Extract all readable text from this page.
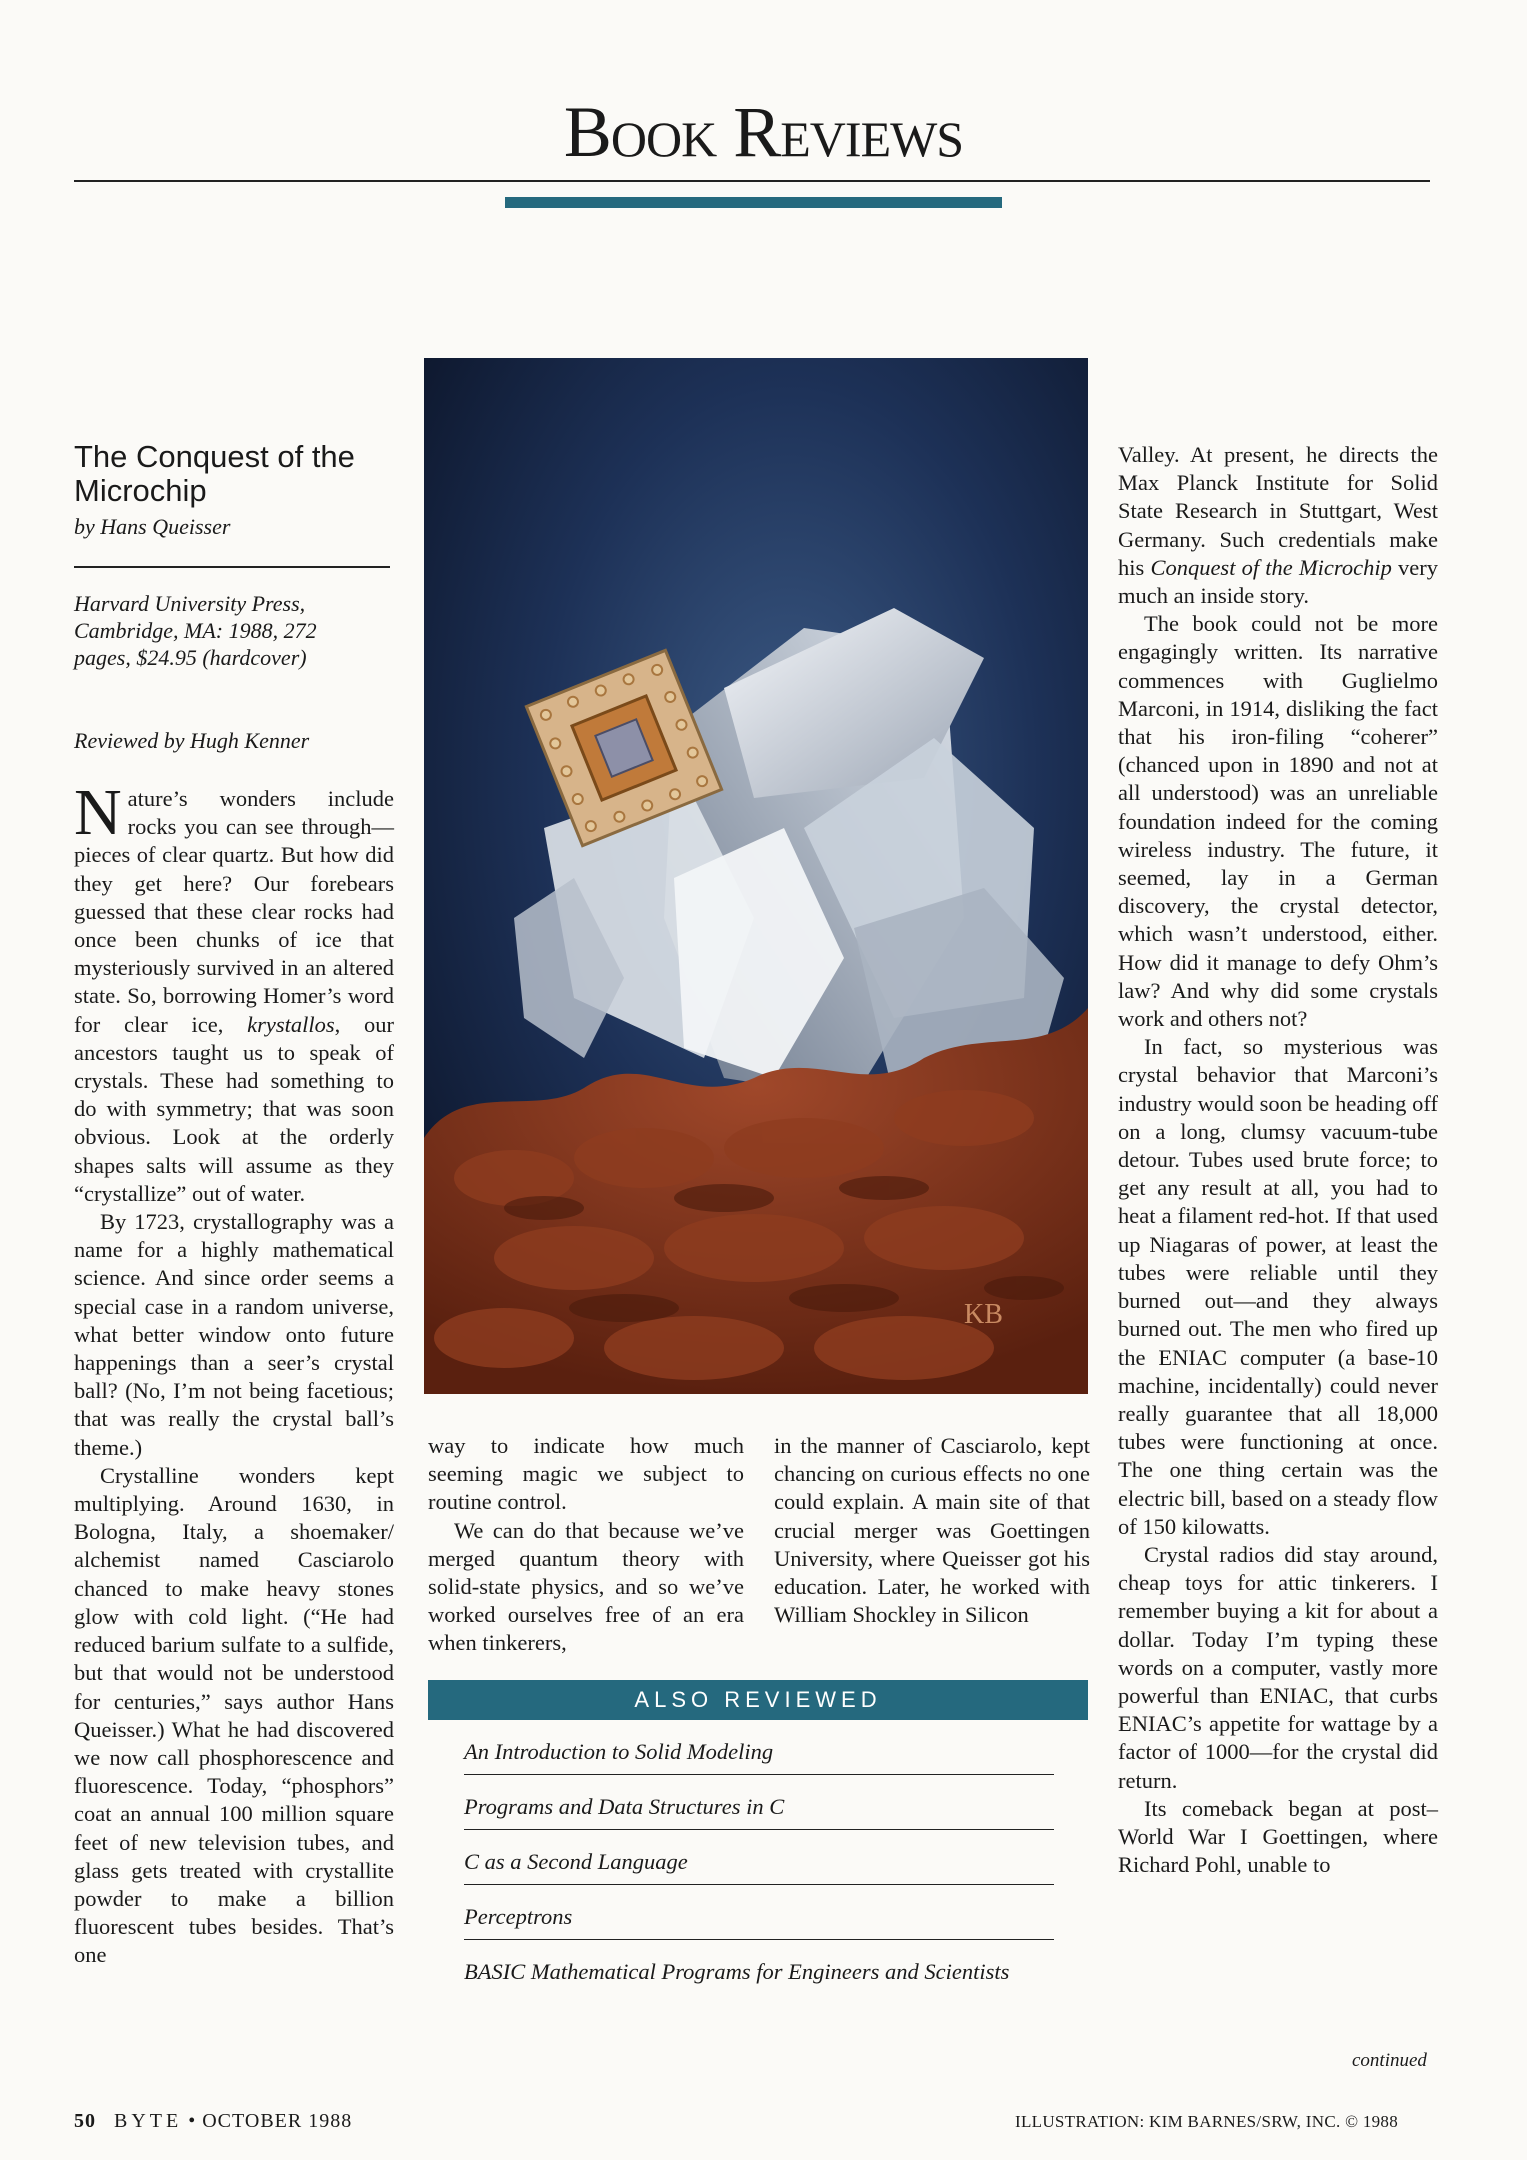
Book Reviews
The Conquest of the Microchip
by Hans Queisser
Harvard University Press, Cambridge, MA: 1988, 272 pages, $24.95 (hardcover)
Reviewed by Hugh Kenner

Nature’s wonders include rocks you can see through—pieces of clear quartz. But how did they get here? Our forebears guessed that these clear rocks had once been chunks of ice that mysteriously survived in an altered state. So, borrowing Homer’s word for clear ice, krystallos, our ancestors taught us to speak of crystals. These had something to do with symmetry; that was soon obvious. Look at the orderly shapes salts will assume as they “crystallize” out of water.

By 1723, crystallography was a name for a highly mathematical science. And since order seems a special case in a random universe, what better window onto future happenings than a seer’s crystal ball? (No, I’m not being facetious; that was really the crystal ball’s theme.)

Crystalline wonders kept multiplying. Around 1630, in Bologna, Italy, a shoemaker/ alchemist named Casciarolo chanced to make heavy stones glow with cold light. (“He had reduced barium sulfate to a sulfide, but that would not be understood for centuries,” says author Hans Queisser.) What he had discovered we now call phosphorescence and fluorescence. Today, “phosphors” coat an annual 100 million square feet of new television tubes, and glass gets treated with crystallite powder to make a billion fluorescent tubes besides. That’s one

KB

way to indicate how much seeming magic we subject to routine control.

We can do that because we’ve merged quantum theory with solid-state physics, and so we’ve worked ourselves free of an era when tinkerers,

in the manner of Casciarolo, kept chancing on curious effects no one could explain. A main site of that crucial merger was Goettingen University, where Queisser got his education. Later, he worked with William Shockley in Silicon

ALSO REVIEWED
An Introduction to Solid Modeling
Programs and Data Structures in C
C as a Second Language
Perceptrons
BASIC Mathematical Programs for Engineers and Scientists

Valley. At present, he directs the Max Planck Institute for Solid State Research in Stuttgart, West Germany. Such credentials make his Conquest of the Microchip very much an inside story.

The book could not be more engagingly written. Its narrative commences with Guglielmo Marconi, in 1914, disliking the fact that his iron-filing “coherer” (chanced upon in 1890 and not at all understood) was an unreliable foundation indeed for the coming wireless industry. The future, it seemed, lay in a German discovery, the crystal detector, which wasn’t understood, either. How did it manage to defy Ohm’s law? And why did some crystals work and others not?

In fact, so mysterious was crystal behavior that Marconi’s industry would soon be heading off on a long, clumsy vacuum-tube detour. Tubes used brute force; to get any result at all, you had to heat a filament red-hot. If that used up Niagaras of power, at least the tubes were reliable until they burned out—and they always burned out. The men who fired up the ENIAC computer (a base-10 machine, incidentally) could never really guarantee that all 18,000 tubes were functioning at once. The one thing certain was the electric bill, based on a steady flow of 150 kilowatts.

Crystal radios did stay around, cheap toys for attic tinkerers. I remember buying a kit for about a dollar. Today I’m typing these words on a computer, vastly more powerful than ENIAC, that curbs ENIAC’s appetite for wattage by a factor of 1000—for the crystal did return.

Its comeback began at post–World War I Goettingen, where Richard Pohl, unable to

continued
50 BYTE • OCTOBER 1988	ILLUSTRATION: KIM BARNES/SRW, INC. © 1988
